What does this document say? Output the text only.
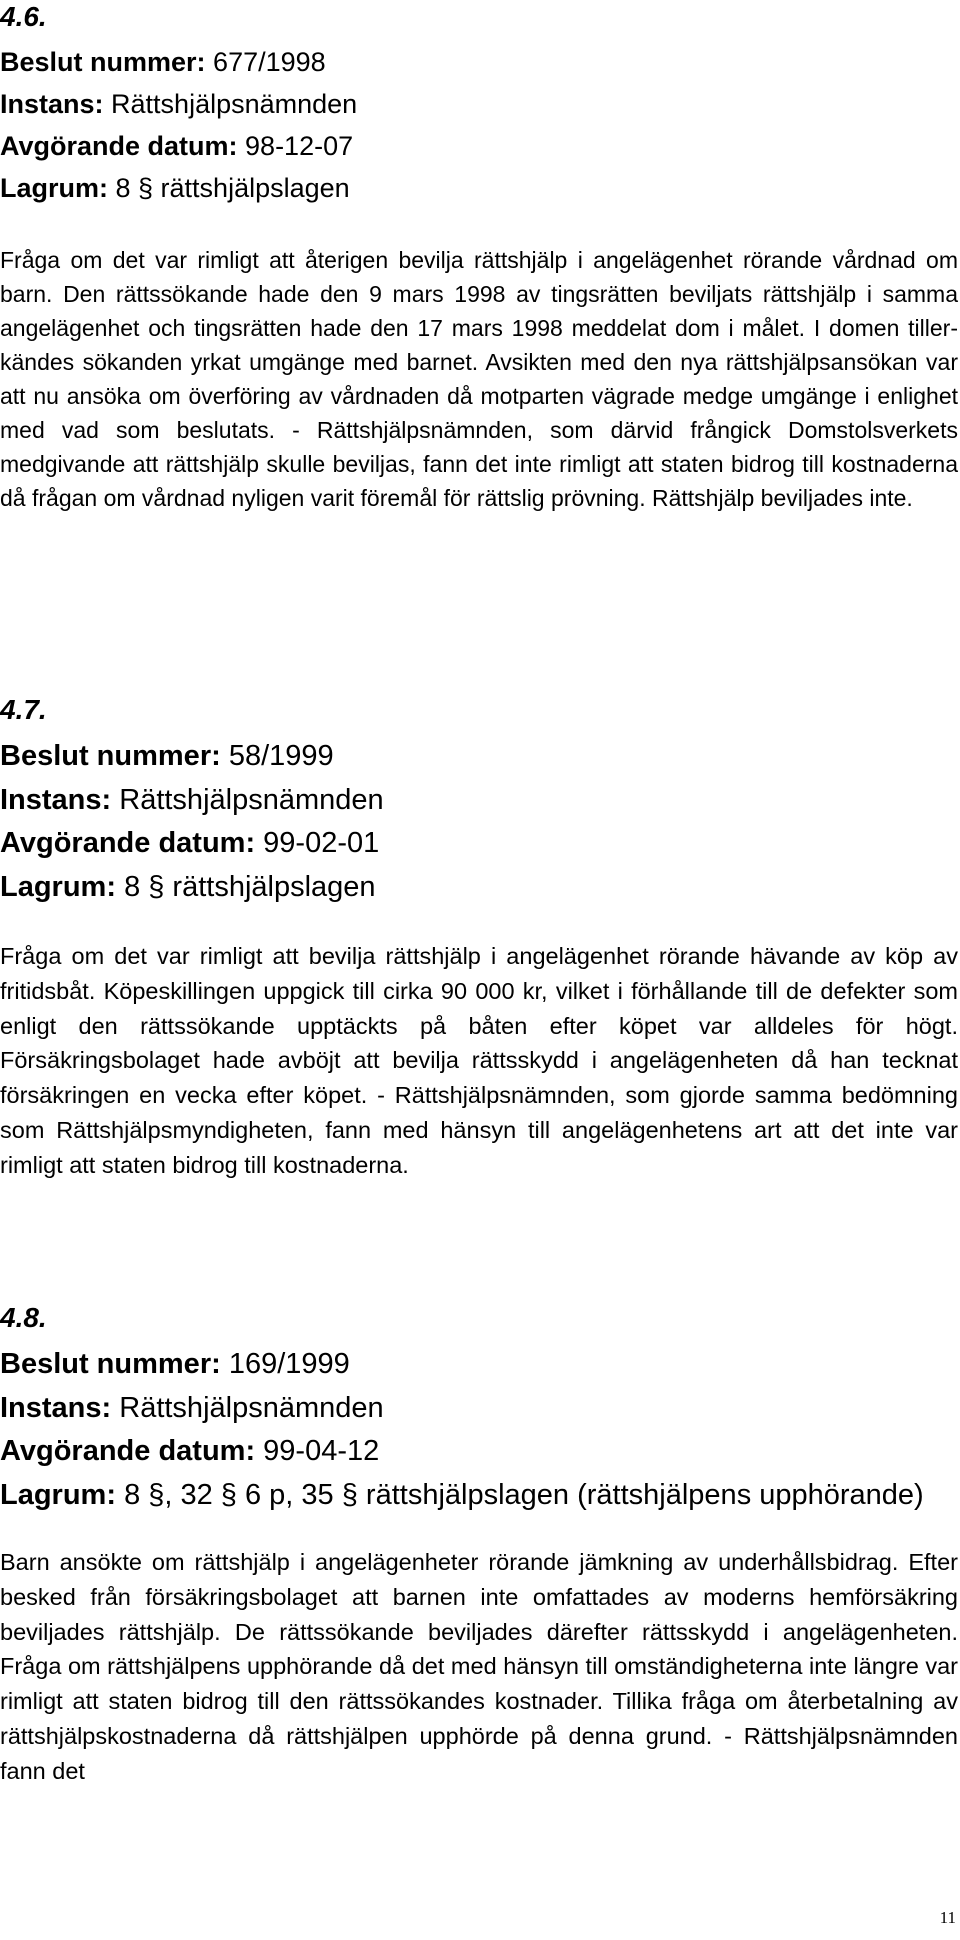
4.6.

Beslut nummer: 677/1998

Instans: Rättshjälpsnämnden

Avgörande datum: 98-12-07

Lagrum: 8 § rättshjälpslagen

Fråga om det var rimligt att återigen bevilja rättshjälp i angelägenhet rörande vårdnad om barn. Den rättssökande hade den 9 mars 1998 av tingsrätten beviljats rättshjälp i samma angelägenhet och tingsrätten hade den 17 mars 1998 meddelat dom i målet. I domen tillerkändes sökanden yrkat umgänge med barnet. Avsikten med den nya rättshjälpsansökan var att nu ansöka om överföring av vårdnaden då motparten vägrade medge umgänge i enlighet med vad som beslutats. - Rättshjälpsnämnden, som därvid frångick Domstolsverkets medgivande att rättshjälp skulle beviljas, fann det inte rimligt att staten bidrog till kostnaderna då frågan om vårdnad nyligen varit föremål för rättslig prövning. Rättshjälp beviljades inte.

4.7.

Beslut nummer: 58/1999

Instans: Rättshjälpsnämnden

Avgörande datum: 99-02-01

Lagrum: 8 § rättshjälpslagen

Fråga om det var rimligt att bevilja rättshjälp i angelägenhet rörande hävande av köp av fritidsbåt. Köpeskillingen uppgick till cirka 90 000 kr, vilket i förhållande till de defekter som enligt den rättssökande upptäckts på båten efter köpet var alldeles för högt. Försäkringsbolaget hade avböjt att bevilja rättsskydd i angelägenheten då han tecknat försäkringen en vecka efter köpet. - Rättshjälpsnämnden, som gjorde samma bedömning som Rättshjälpsmyndigheten, fann med hänsyn till angelägenhetens art att det inte var rimligt att staten bidrog till kostnaderna.

4.8.

Beslut nummer: 169/1999

Instans: Rättshjälpsnämnden

Avgörande datum: 99-04-12

Lagrum: 8 §, 32 § 6 p, 35 § rättshjälpslagen (rättshjälpens upphörande)

Barn ansökte om rättshjälp i angelägenheter rörande jämkning av underhållsbidrag. Efter besked från försäkringsbolaget att barnen inte omfattades av moderns hemförsäkring beviljades rättshjälp. De rättssökande beviljades därefter rättsskydd i angelägenheten. Fråga om rättshjälpens upphörande då det med hänsyn till omständigheterna inte längre var rimligt att staten bidrog till den rättssökandes kostnader. Tillika fråga om återbetalning av rättshjälpskostnaderna då rättshjälpen upphörde på denna grund. - Rättshjälpsnämnden fann det

11
